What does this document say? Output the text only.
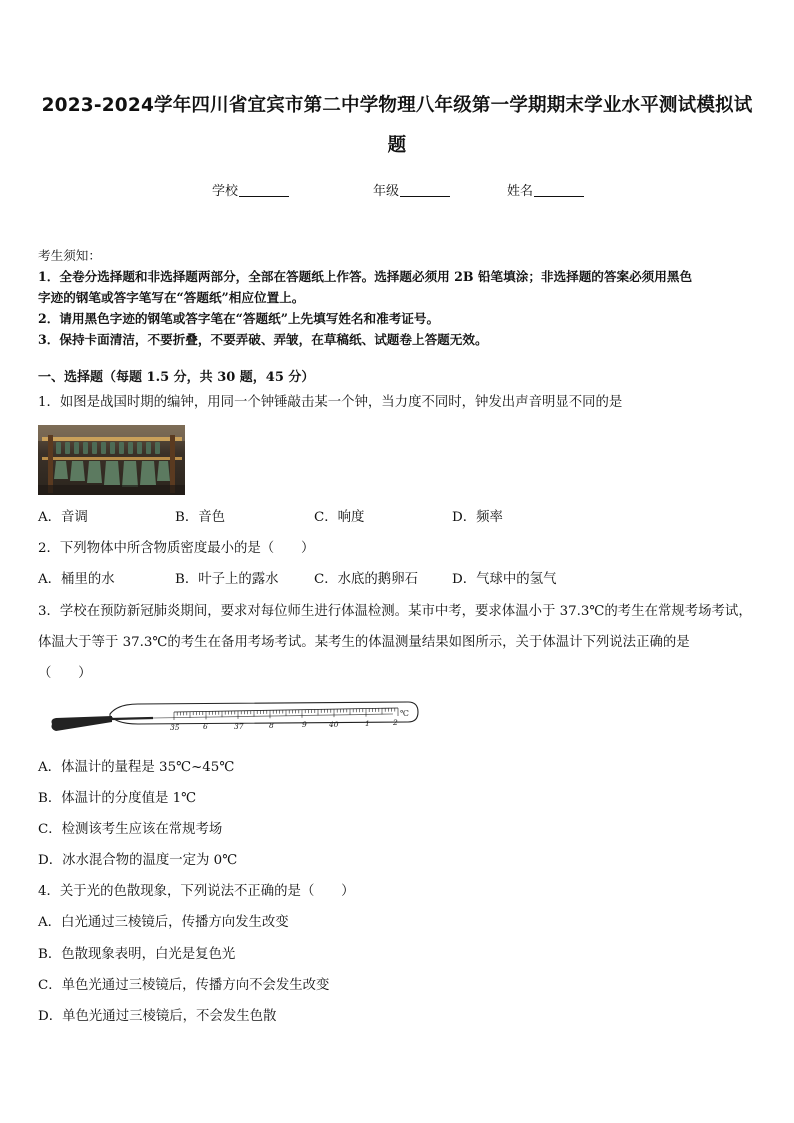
2023-2024学年四川省宜宾市第二中学物理八年级第一学期期末学业水平测试模拟试
题
学校	年级	姓名
考生须知：
1．全卷分选择题和非选择题两部分，全部在答题纸上作答。选择题必须用 2B 铅笔填涂；非选择题的答案必须用黑色
字迹的钢笔或答字笔写在“答题纸”相应位置上。
2．请用黑色字迹的钢笔或答字笔在“答题纸”上先填写姓名和准考证号。
3．保持卡面清洁，不要折叠，不要弄破、弄皱，在草稿纸、试题卷上答题无效。
一、选择题（每题 1.5 分，共 30 题，45 分）
1．如图是战国时期的编钟，用同一个钟锤敲击某一个钟，当力度不同时，钟发出声音明显不同的是
A．音调	B．音色	C．响度	D．频率
2．下列物体中所含物质密度最小的是（　　）
A．桶里的水	B．叶子上的露水	C．水底的鹅卵石	D．气球中的氢气
3．学校在预防新冠肺炎期间，要求对每位师生进行体温检测。某市中考，要求体温小于 37.3℃的考生在常规考场考试，
体温大于等于 37.3℃的考生在备用考场考试。某考生的体温测量结果如图所示，关于体温计下列说法正确的是
（　　）
35	6	37	8	9	40	1	2
℃
A．体温计的量程是 35℃~45℃
B．体温计的分度值是 1℃
C．检测该考生应该在常规考场
D．冰水混合物的温度一定为 0℃
4．关于光的色散现象，下列说法不正确的是（　　）
A．白光通过三棱镜后，传播方向发生改变
B．色散现象表明，白光是复色光
C．单色光通过三棱镜后，传播方向不会发生改变
D．单色光通过三棱镜后，不会发生色散
